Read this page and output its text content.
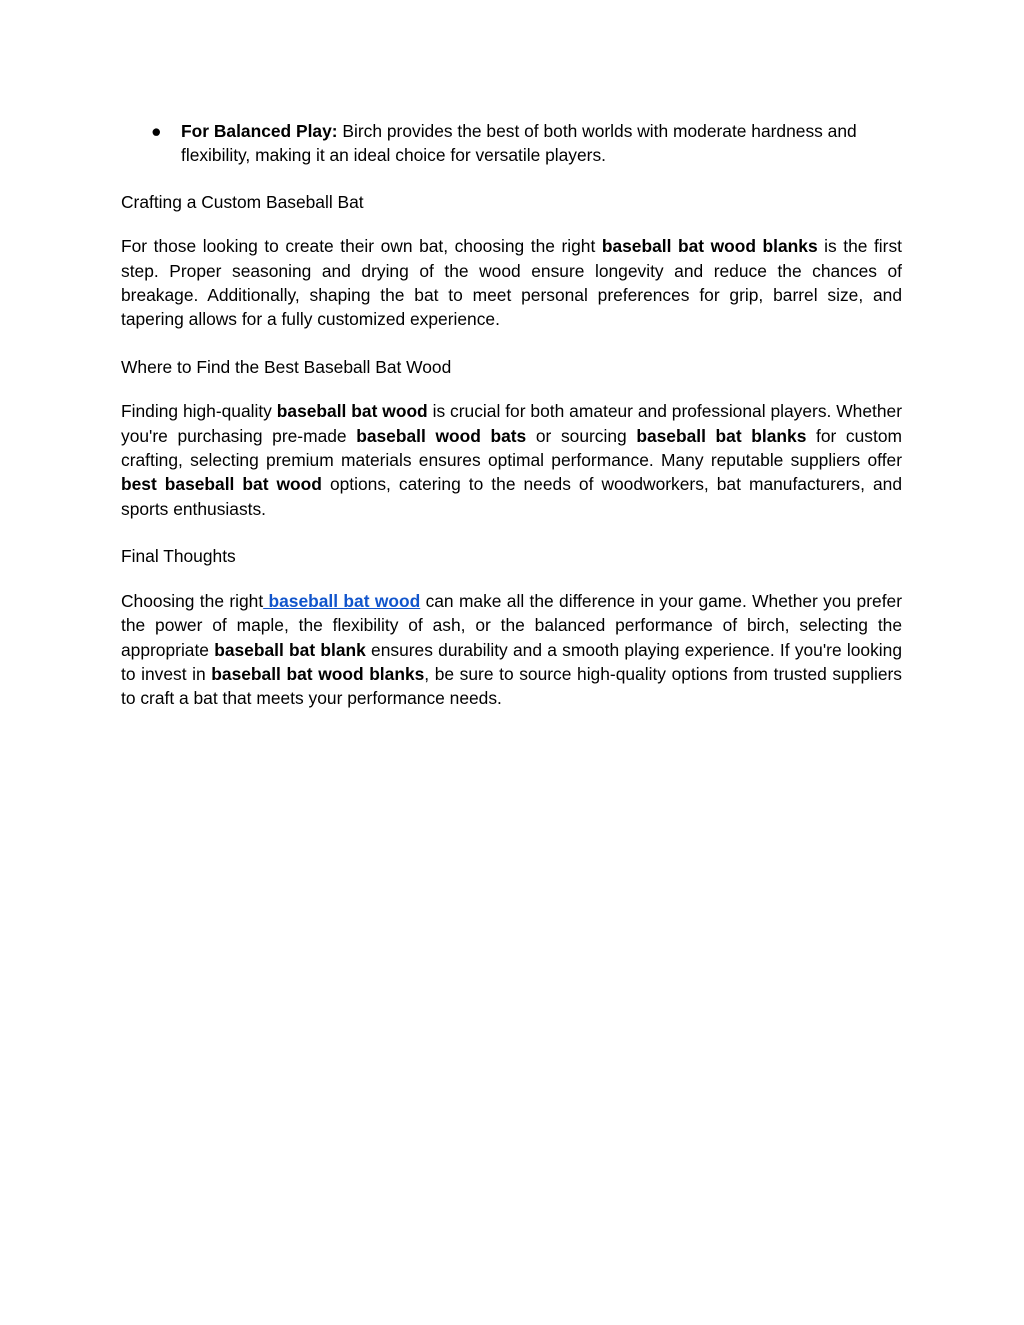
● For Balanced Play: Birch provides the best of both worlds with moderate hardness and flexibility, making it an ideal choice for versatile players.
Crafting a Custom Baseball Bat

For those looking to create their own bat, choosing the right baseball bat wood blanks is the first step. Proper seasoning and drying of the wood ensure longevity and reduce the chances of breakage. Additionally, shaping the bat to meet personal preferences for grip, barrel size, and tapering allows for a fully customized experience.

Where to Find the Best Baseball Bat Wood

Finding high-quality baseball bat wood is crucial for both amateur and professional players. Whether you're purchasing pre-made baseball wood bats or sourcing baseball bat blanks for custom crafting, selecting premium materials ensures optimal performance. Many reputable suppliers offer best baseball bat wood options, catering to the needs of woodworkers, bat manufacturers, and sports enthusiasts.

Final Thoughts

Choosing the right baseball bat wood can make all the difference in your game. Whether you prefer the power of maple, the flexibility of ash, or the balanced performance of birch, selecting the appropriate baseball bat blank ensures durability and a smooth playing experience. If you're looking to invest in baseball bat wood blanks, be sure to source high-quality options from trusted suppliers to craft a bat that meets your performance needs.
